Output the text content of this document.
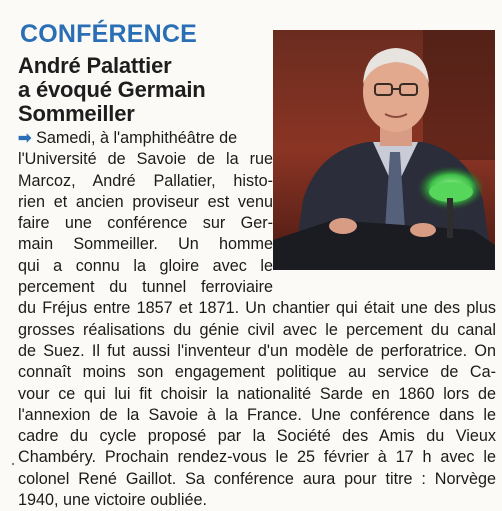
CONFÉRENCE
André Palattier
a évoqué Germain
Sommeiller
➡ Samedi, à l'amphithéâtre de
l'Université de Savoie de la rue
Marcoz, André Pallatier, histo-
rien et ancien proviseur est venu
faire une conférence sur Ger-
main Sommeiller. Un homme
qui a connu la gloire avec le
percement du tunnel ferroviaire
du Fréjus entre 1857 et 1871. Un chantier qui était une des plus
grosses réalisations du génie civil avec le percement du canal
de Suez. Il fut aussi l'inventeur d'un modèle de perforatrice. On
connaît moins son engagement politique au service de Ca-
vour ce qui lui fit choisir la nationalité Sarde en 1860 lors de
l'annexion de la Savoie à la France. Une conférence dans le
cadre du cycle proposé par la Société des Amis du Vieux
Chambéry. Prochain rendez-vous le 25 février à 17 h avec le
colonel René Gaillot. Sa conférence aura pour titre : Norvège
1940, une victoire oubliée.
